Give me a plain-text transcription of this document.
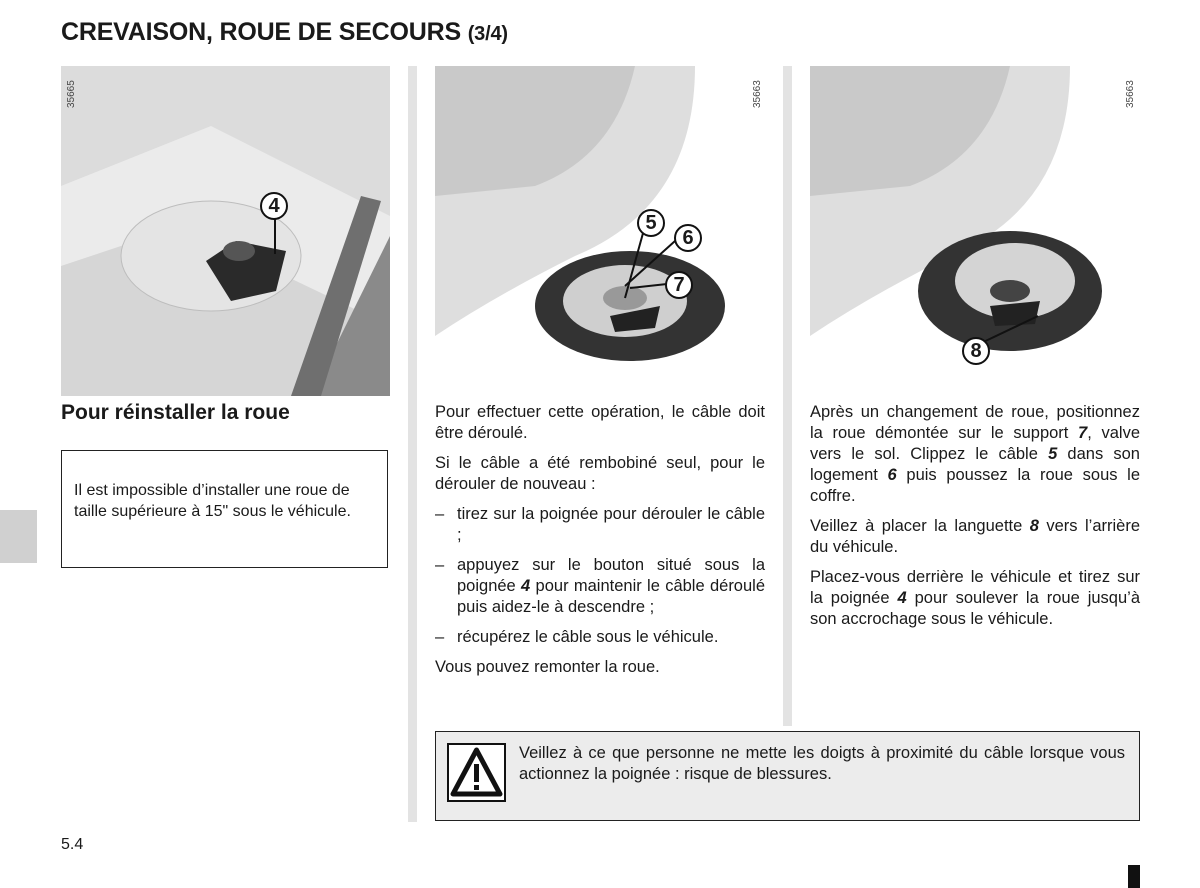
CREVAISON, ROUE DE SECOURS (3/4)
4
35665
5
6
7
35663
8
35663
Pour réinstaller la roue
Il est impossible d’installer une roue de taille supérieure à 15" sous le véhicule.

Pour effectuer cette opération, le câble doit être déroulé.

Si le câble a été rembobiné seul, pour le dérouler de nouveau :

– tirez sur la poignée pour dérouler le câble ;
– appuyez sur le bouton situé sous la poignée 4 pour maintenir le câble déroulé puis aidez-le à descendre ;
– récupérez le câble sous le véhicule.

Vous pouvez remonter la roue.

Après un changement de roue, positionnez la roue démontée sur le support 7, valve vers le sol. Clippez le câble 5 dans son logement 6 puis poussez la roue sous le coffre.

Veillez à placer la languette 8 vers l’arrière du véhicule.

Placez-vous derrière le véhicule et tirez sur la poignée 4 pour soulever la roue jusqu’à son accrochage sous le véhicule.

Veillez à ce que personne ne mette les doigts à proximité du câble lorsque vous actionnez la poignée : risque de blessures.
5.4
